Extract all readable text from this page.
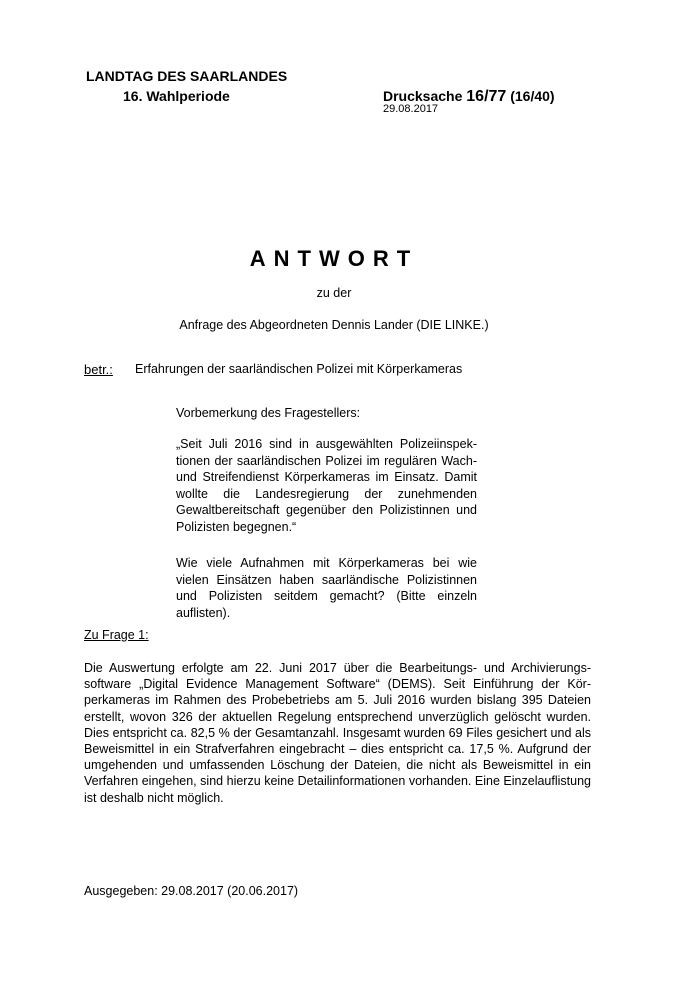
LANDTAG DES SAARLANDES
16. Wahlperiode	Drucksache 16/77 (16/40)
29.08.2017
ANTWORT
zu der
Anfrage des Abgeordneten Dennis Lander (DIE LINKE.)
betr.: Erfahrungen der saarländischen Polizei mit Körperkameras
Vorbemerkung des Fragestellers:
„Seit Juli 2016 sind in ausgewählten Polizeiinspektionen der saarländischen Polizei im regulären Wach- und Streifendienst Körperkameras im Einsatz. Damit wollte die Landesregierung der zunehmenden Gewaltbereitschaft gegenüber den Polizistinnen und Polizisten begegnen.“
Wie viele Aufnahmen mit Körperkameras bei wie vielen Einsätzen haben saarländische Polizistinnen und Polizisten seitdem gemacht? (Bitte einzeln auflisten).
Zu Frage 1:
Die Auswertung erfolgte am 22. Juni 2017 über die Bearbeitungs- und Archivierungssoftware „Digital Evidence Management Software“ (DEMS). Seit Einführung der Körperkameras im Rahmen des Probebetriebs am 5. Juli 2016 wurden bislang 395 Dateien erstellt, wovon 326 der aktuellen Regelung entsprechend unverzüglich gelöscht wurden. Dies entspricht ca. 82,5 % der Gesamtanzahl. Insgesamt wurden 69 Files gesichert und als Beweismittel in ein Strafverfahren eingebracht – dies entspricht ca. 17,5 %. Aufgrund der umgehenden und umfassenden Löschung der Dateien, die nicht als Beweismittel in ein Verfahren eingehen, sind hierzu keine Detailinformationen vorhanden. Eine Einzelauflistung ist deshalb nicht möglich.
Ausgegeben: 29.08.2017 (20.06.2017)
